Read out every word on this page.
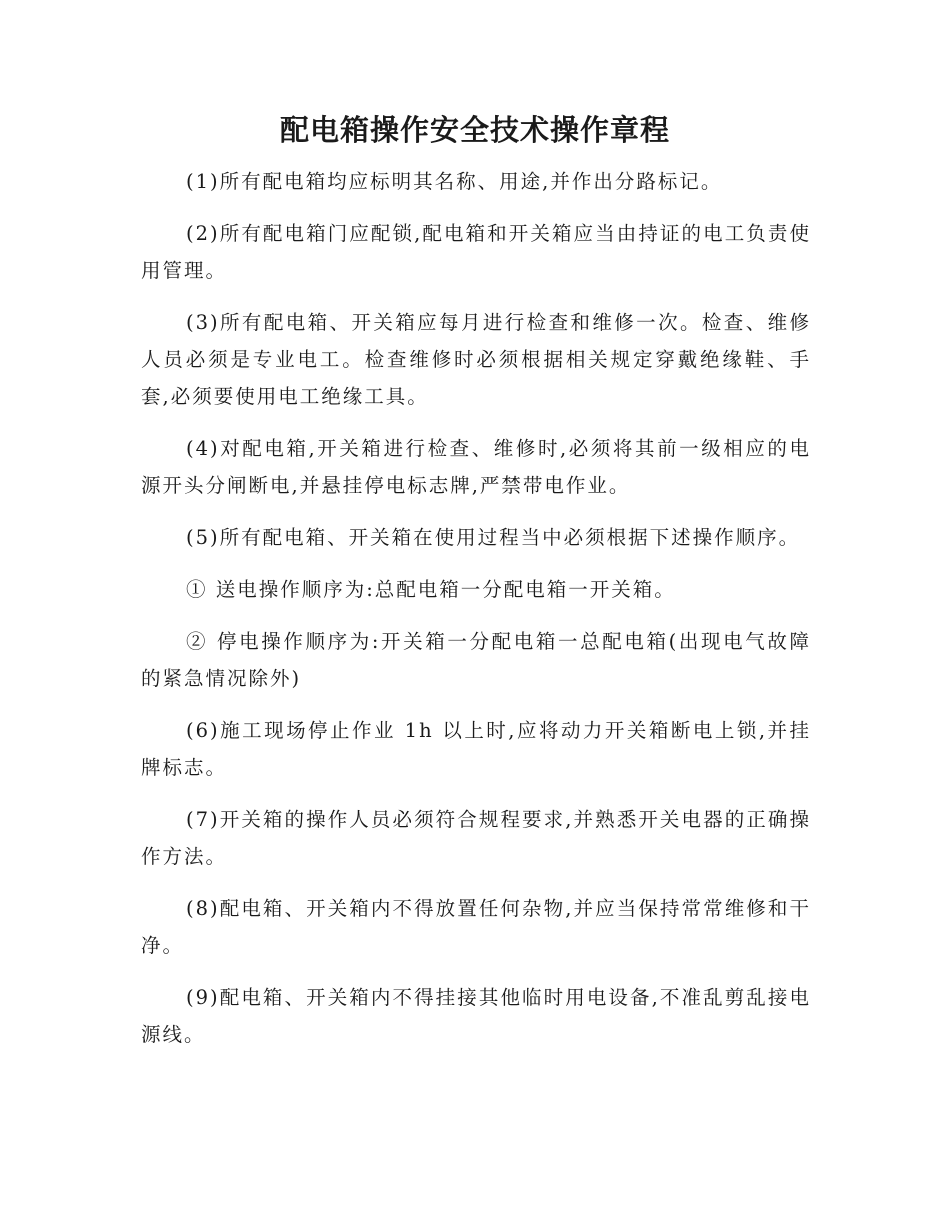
配电箱操作安全技术操作章程

(1)所有配电箱均应标明其名称、用途,并作出分路标记。

(2)所有配电箱门应配锁,配电箱和开关箱应当由持证的电工负责使用管理。

(3)所有配电箱、开关箱应每月进行检查和维修一次。检查、维修人员必须是专业电工。检查维修时必须根据相关规定穿戴绝缘鞋、手套,必须要使用电工绝缘工具。

(4)对配电箱,开关箱进行检查、维修时,必须将其前一级相应的电源开头分闸断电,并悬挂停电标志牌,严禁带电作业。

(5)所有配电箱、开关箱在使用过程当中必须根据下述操作顺序。

① 送电操作顺序为:总配电箱一分配电箱一开关箱。

② 停电操作顺序为:开关箱一分配电箱一总配电箱(出现电气故障的紧急情况除外)

(6)施工现场停止作业 1h 以上时,应将动力开关箱断电上锁,并挂牌标志。

(7)开关箱的操作人员必须符合规程要求,并熟悉开关电器的正确操作方法。

(8)配电箱、开关箱内不得放置任何杂物,并应当保持常常维修和干净。

(9)配电箱、开关箱内不得挂接其他临时用电设备,不准乱剪乱接电源线。
